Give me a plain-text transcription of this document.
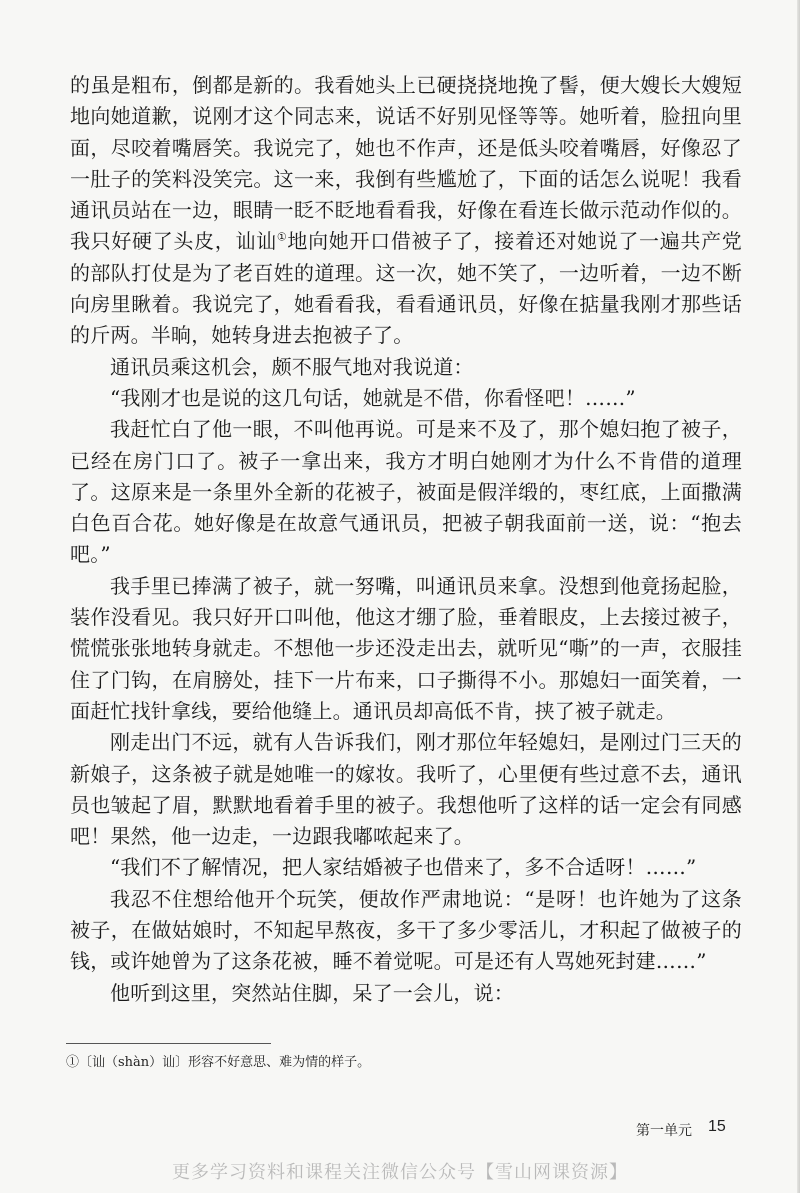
的虽是粗布，倒都是新的。我看她头上已硬挠挠地挽了髻，便大嫂长大嫂短地向她道歉，说刚才这个同志来，说话不好别见怪等等。她听着，脸扭向里面，尽咬着嘴唇笑。我说完了，她也不作声，还是低头咬着嘴唇，好像忍了一肚子的笑料没笑完。这一来，我倒有些尴尬了，下面的话怎么说呢！我看通讯员站在一边，眼睛一眨不眨地看看我，好像在看连长做示范动作似的。我只好硬了头皮，讪讪①地向她开口借被子了，接着还对她说了一遍共产党的部队打仗是为了老百姓的道理。这一次，她不笑了，一边听着，一边不断向房里瞅着。我说完了，她看看我，看看通讯员，好像在掂量我刚才那些话的斤两。半晌，她转身进去抱被子了。

通讯员乘这机会，颇不服气地对我说道：

“我刚才也是说的这几句话，她就是不借，你看怪吧！……”

我赶忙白了他一眼，不叫他再说。可是来不及了，那个媳妇抱了被子，已经在房门口了。被子一拿出来，我方才明白她刚才为什么不肯借的道理了。这原来是一条里外全新的花被子，被面是假洋缎的，枣红底，上面撒满白色百合花。她好像是在故意气通讯员，把被子朝我面前一送，说：“抱去吧。”

我手里已捧满了被子，就一努嘴，叫通讯员来拿。没想到他竟扬起脸，装作没看见。我只好开口叫他，他这才绷了脸，垂着眼皮，上去接过被子，慌慌张张地转身就走。不想他一步还没走出去，就听见“嘶”的一声，衣服挂住了门钩，在肩膀处，挂下一片布来，口子撕得不小。那媳妇一面笑着，一面赶忙找针拿线，要给他缝上。通讯员却高低不肯，挟了被子就走。

刚走出门不远，就有人告诉我们，刚才那位年轻媳妇，是刚过门三天的新娘子，这条被子就是她唯一的嫁妆。我听了，心里便有些过意不去，通讯员也皱起了眉，默默地看着手里的被子。我想他听了这样的话一定会有同感吧！果然，他一边走，一边跟我嘟哝起来了。

“我们不了解情况，把人家结婚被子也借来了，多不合适呀！……”

我忍不住想给他开个玩笑，便故作严肃地说：“是呀！也许她为了这条被子，在做姑娘时，不知起早熬夜，多干了多少零活儿，才积起了做被子的钱，或许她曾为了这条花被，睡不着觉呢。可是还有人骂她死封建……”

他听到这里，突然站住脚，呆了一会儿，说：

①〔讪（shàn）讪〕形容不好意思、难为情的样子。
第一单元 15
更多学习资料和课程关注微信公众号【雪山网课资源】
